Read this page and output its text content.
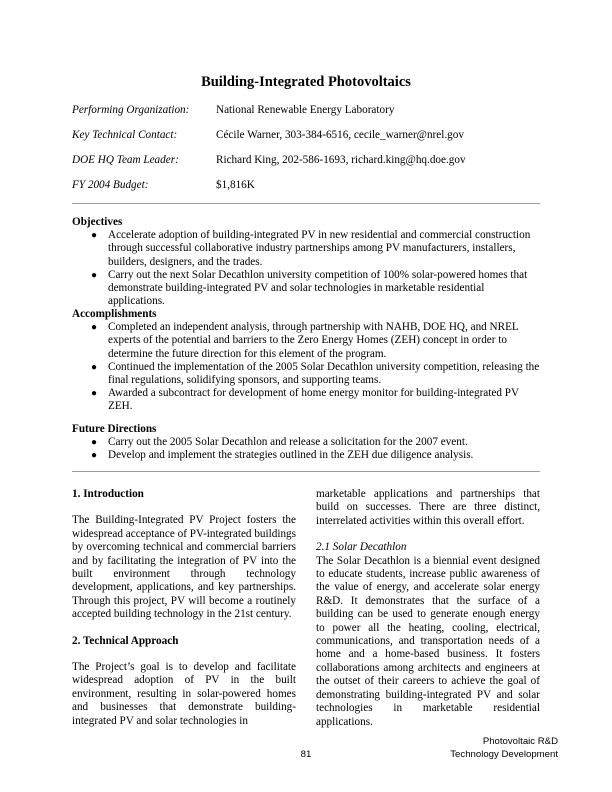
Building-Integrated Photovoltaics
Performing Organization: National Renewable Energy Laboratory
Key Technical Contact:	Cécile Warner, 303-384-6516, cecile_warner@nrel.gov
DOE HQ Team Leader:	Richard King, 202-586-1693, richard.king@hq.doe.gov
FY 2004 Budget:	$1,816K
Objectives
● Accelerate adoption of building-integrated PV in new residential and commercial construction through successful collaborative industry partnerships among PV manufacturers, installers, builders, designers, and the trades.
● Carry out the next Solar Decathlon university competition of 100% solar-powered homes that demonstrate building-integrated PV and solar technologies in marketable residential applications.
Accomplishments
● Completed an independent analysis, through partnership with NAHB, DOE HQ, and NREL experts of the potential and barriers to the Zero Energy Homes (ZEH) concept in order to determine the future direction for this element of the program.
● Continued the implementation of the 2005 Solar Decathlon university competition, releasing the final regulations, solidifying sponsors, and supporting teams.
● Awarded a subcontract for development of home energy monitor for building-integrated PV ZEH.
Future Directions
● Carry out the 2005 Solar Decathlon and release a solicitation for the 2007 event.
● Develop and implement the strategies outlined in the ZEH due diligence analysis.
1. Introduction

The Building-Integrated PV Project fosters the widespread acceptance of PV-integrated buildings by overcoming technical and commercial barriers and by facilitating the integration of PV into the built environment through technology development, applications, and key partnerships. Through this project, PV will become a routinely accepted building technology in the 21st century.

2. Technical Approach

The Project’s goal is to develop and facilitate widespread adoption of PV in the built environment, resulting in solar-powered homes and businesses that demonstrate building-integrated PV and solar technologies in

marketable applications and partnerships that build on successes. There are three distinct, interrelated activities within this overall effort.

2.1 Solar Decathlon

The Solar Decathlon is a biennial event designed to educate students, increase public awareness of the value of energy, and accelerate solar energy R&D. It demonstrates that the surface of a building can be used to generate enough energy to power all the heating, cooling, electrical, communications, and transportation needs of a home and a home-based business. It fosters collaborations among architects and engineers at the outset of their careers to achieve the goal of demonstrating building-integrated PV and solar technologies in marketable residential applications.

81
Photovoltaic R&D
Technology Development
